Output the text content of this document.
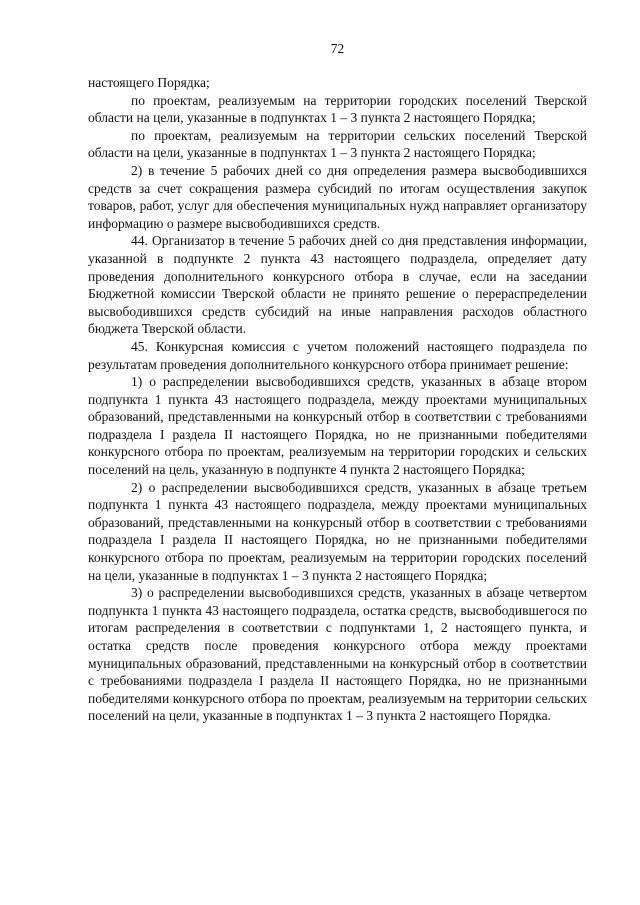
72

настоящего Порядка;

по проектам, реализуемым на территории городских поселений Тверской области на цели, указанные в подпунктах 1 – 3 пункта 2 настоящего Порядка;

по проектам, реализуемым на территории сельских поселений Тверской области на цели, указанные в подпунктах 1 – 3 пункта 2 настоящего Порядка;

2) в течение 5 рабочих дней со дня определения размера высвободившихся средств за счет сокращения размера субсидий по итогам осуществления закупок товаров, работ, услуг для обеспечения муниципальных нужд направляет организатору информацию о размере высвободившихся средств.

44. Организатор в течение 5 рабочих дней со дня представления информации, указанной в подпункте 2 пункта 43 настоящего подраздела, определяет дату проведения дополнительного конкурсного отбора в случае, если на заседании Бюджетной комиссии Тверской области не принято решение о перераспределении высвободившихся средств субсидий на иные направления расходов областного бюджета Тверской области.

45. Конкурсная комиссия с учетом положений настоящего подраздела по результатам проведения дополнительного конкурсного отбора принимает решение:

1) о распределении высвободившихся средств, указанных в абзаце втором подпункта 1 пункта 43 настоящего подраздела, между проектами муниципальных образований, представленными на конкурсный отбор в соответствии с требованиями подраздела I раздела II настоящего Порядка, но не признанными победителями конкурсного отбора по проектам, реализуемым на территории городских и сельских поселений на цель, указанную в подпункте 4 пункта 2 настоящего Порядка;

2) о распределении высвободившихся средств, указанных в абзаце третьем подпункта 1 пункта 43 настоящего подраздела, между проектами муниципальных образований, представленными на конкурсный отбор в соответствии с требованиями подраздела I раздела II настоящего Порядка, но не признанными победителями конкурсного отбора по проектам, реализуемым на территории городских поселений на цели, указанные в подпунктах 1 – 3 пункта 2 настоящего Порядка;

3) о распределении высвободившихся средств, указанных в абзаце четвертом подпункта 1 пункта 43 настоящего подраздела, остатка средств, высвободившегося по итогам распределения в соответствии с подпунктами 1, 2 настоящего пункта, и остатка средств после проведения конкурсного отбора между проектами муниципальных образований, представленными на конкурсный отбор в соответствии с требованиями подраздела I раздела II настоящего Порядка, но не признанными победителями конкурсного отбора по проектам, реализуемым на территории сельских поселений на цели, указанные в подпунктах 1 – 3 пункта 2 настоящего Порядка.
